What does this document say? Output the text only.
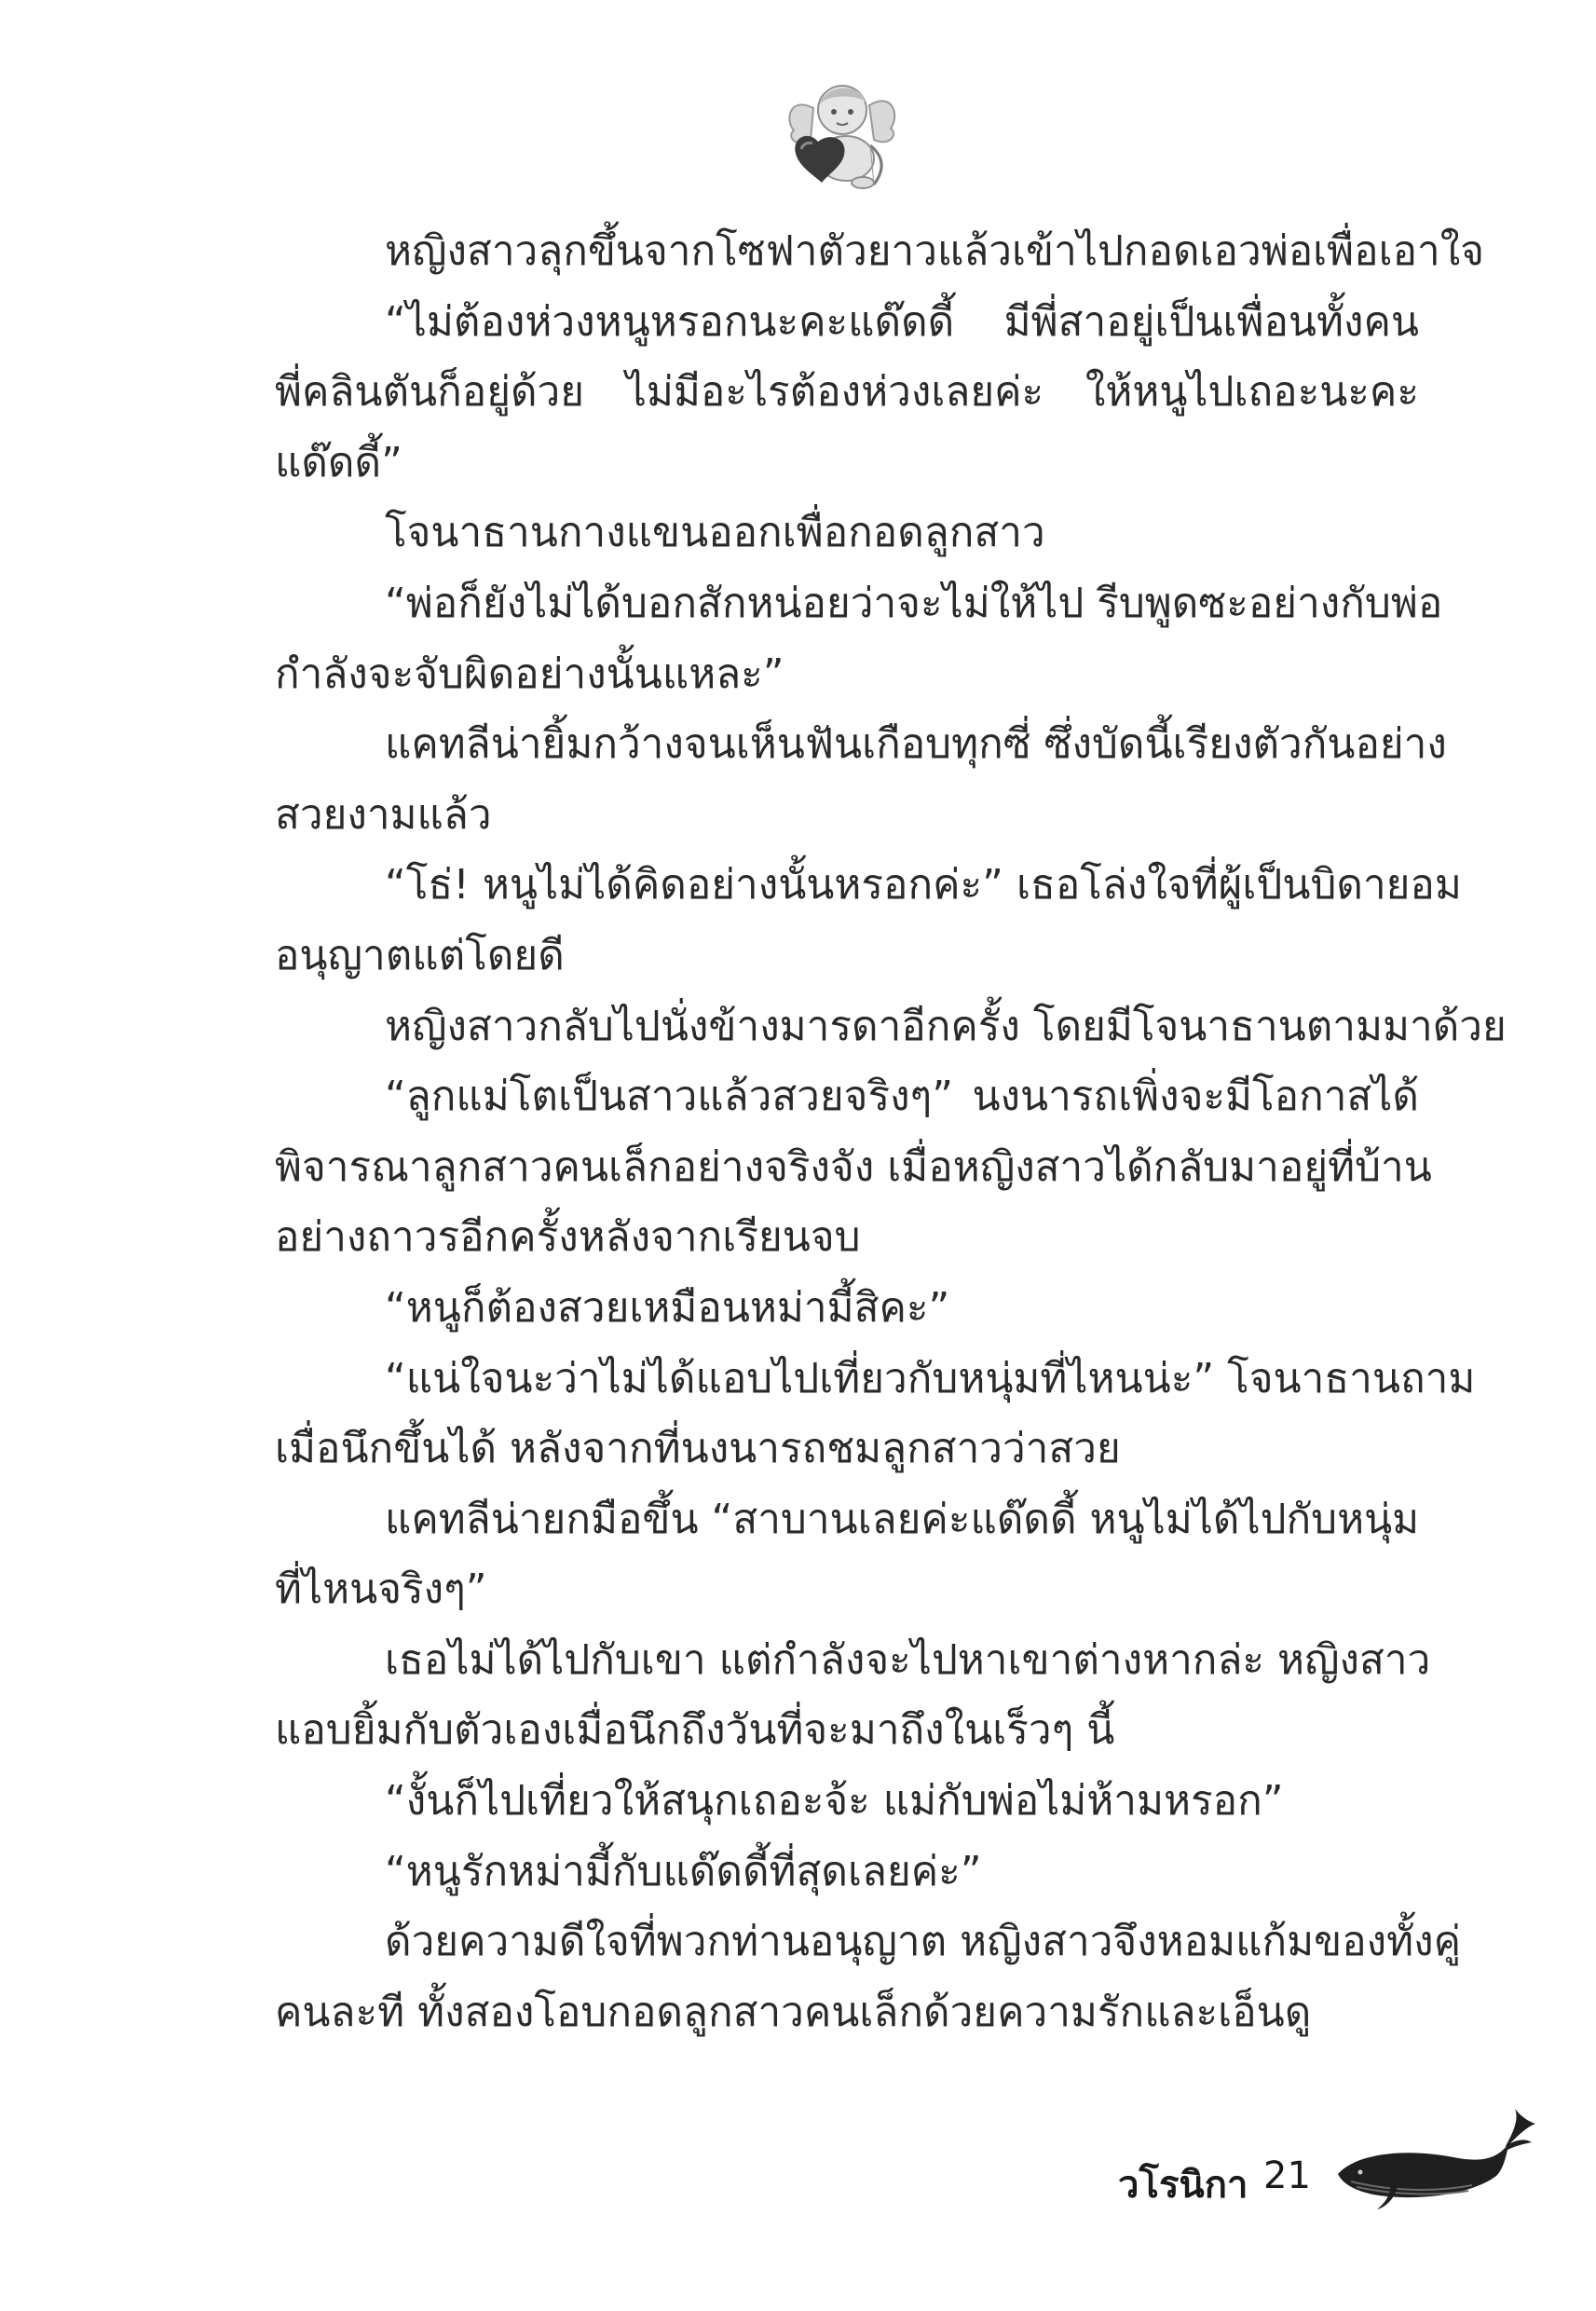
หญิงสาวลุกขึ้นจากโซฟาตัวยาวแล้วเข้าไปกอดเอวพ่อเพื่อเอาใจ
“ไม่ต้องห่วงหนูหรอกนะคะแด๊ดดี้ มีพี่สาอยู่เป็นเพื่อนทั้งคน
พี่คลินตันก็อยู่ด้วย ไม่มีอะไรต้องห่วงเลยค่ะ ให้หนูไปเถอะนะคะ
แด๊ดดี้”
โจนาธานกางแขนออกเพื่อกอดลูกสาว
“พ่อก็ยังไม่ได้บอกสักหน่อยว่าจะไม่ให้ไป รีบพูดซะอย่างกับพ่อ
กำลังจะจับผิดอย่างนั้นแหละ”
แคทลีน่ายิ้มกว้างจนเห็นฟันเกือบทุกซี่ ซึ่งบัดนี้เรียงตัวกันอย่าง
สวยงามแล้ว
“โธ่! หนูไม่ได้คิดอย่างนั้นหรอกค่ะ” เธอโล่งใจที่ผู้เป็นบิดายอม
อนุญาตแต่โดยดี
หญิงสาวกลับไปนั่งข้างมารดาอีกครั้ง โดยมีโจนาธานตามมาด้วย
“ลูกแม่โตเป็นสาวแล้วสวยจริงๆ” นงนารถเพิ่งจะมีโอกาสได้
พิจารณาลูกสาวคนเล็กอย่างจริงจัง เมื่อหญิงสาวได้กลับมาอยู่ที่บ้าน
อย่างถาวรอีกครั้งหลังจากเรียนจบ
“หนูก็ต้องสวยเหมือนหม่ามี้สิคะ”
“แน่ใจนะว่าไม่ได้แอบไปเที่ยวกับหนุ่มที่ไหนน่ะ” โจนาธานถาม
เมื่อนึกขึ้นได้ หลังจากที่นงนารถชมลูกสาวว่าสวย
แคทลีน่ายกมือขึ้น “สาบานเลยค่ะแด๊ดดี้ หนูไม่ได้ไปกับหนุ่ม
ที่ไหนจริงๆ”
เธอไม่ได้ไปกับเขา แต่กำลังจะไปหาเขาต่างหากล่ะ หญิงสาว
แอบยิ้มกับตัวเองเมื่อนึกถึงวันที่จะมาถึงในเร็วๆ นี้
“งั้นก็ไปเที่ยวให้สนุกเถอะจ้ะ แม่กับพ่อไม่ห้ามหรอก”
“หนูรักหม่ามี้กับแด๊ดดี้ที่สุดเลยค่ะ”
ด้วยความดีใจที่พวกท่านอนุญาต หญิงสาวจึงหอมแก้มของทั้งคู่
คนละที ทั้งสองโอบกอดลูกสาวคนเล็กด้วยความรักและเอ็นดู
วโรนิกา 21
